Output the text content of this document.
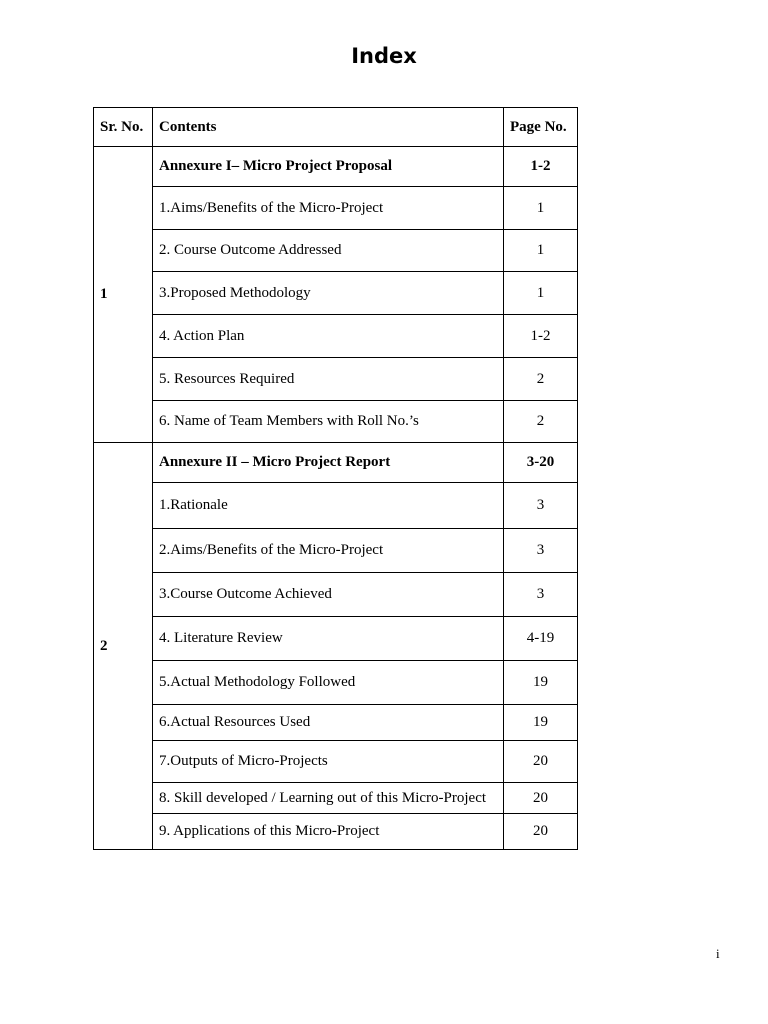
Index
Sr. No.	Contents	Page No.
1	Annexure I– Micro Project Proposal	1-2
	1.Aims/Benefits of the Micro-Project	1
	2. Course Outcome Addressed	1
	3.Proposed Methodology	1
	4. Action Plan	1-2
	5. Resources Required	2
	6. Name of Team Members with Roll No.’s	2
2	Annexure II – Micro Project Report	3-20
	1.Rationale	3
	2.Aims/Benefits of the Micro-Project	3
	3.Course Outcome Achieved	3
	4. Literature Review	4-19
	5.Actual Methodology Followed	19
	6.Actual Resources Used	19
	7.Outputs of Micro-Projects	20
	8. Skill developed / Learning out of this Micro-Project	20
	9. Applications of this Micro-Project	20
i
